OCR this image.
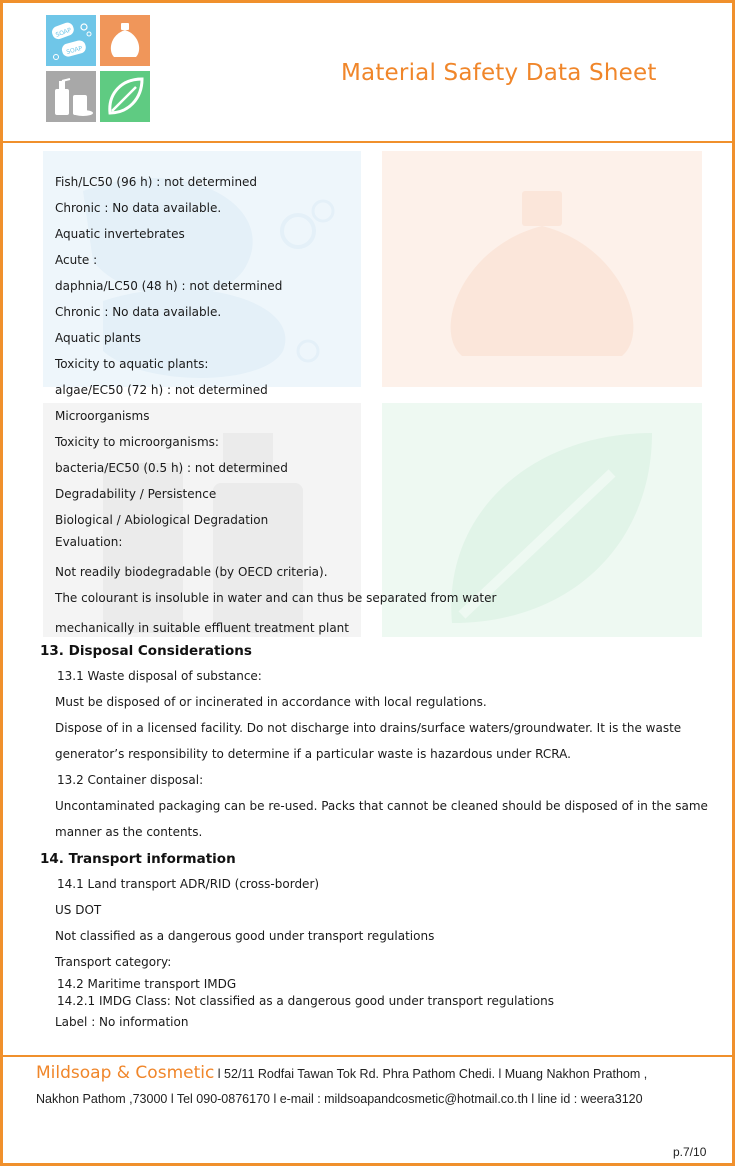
SOAP
SOAP
Material Safety Data Sheet
Fish/LC50 (96 h) : not determined
Chronic : No data available.
Aquatic invertebrates
Acute :
daphnia/LC50 (48 h) : not determined
Chronic : No data available.
Aquatic plants
Toxicity to aquatic plants:
algae/EC50 (72 h) : not determined
Microorganisms
Toxicity to microorganisms:
bacteria/EC50 (0.5 h) : not determined
Degradability / Persistence
Biological / Abiological Degradation
Evaluation:
Not readily biodegradable (by OECD criteria).
The colourant is insoluble in water and can thus be separated from water
mechanically in suitable effluent treatment plant
13. Disposal Considerations
13.1 Waste disposal of substance:
Must be disposed of or incinerated in accordance with local regulations.
Dispose of in a licensed facility. Do not discharge into drains/surface waters/groundwater. It is the waste
generator’s responsibility to determine if a particular waste is hazardous under RCRA.
13.2 Container disposal:
Uncontaminated packaging can be re-used. Packs that cannot be cleaned should be disposed of in the same
manner as the contents.
14. Transport information
14.1 Land transport ADR/RID (cross-border)
US DOT
Not classified as a dangerous good under transport regulations
Transport category:
14.2 Maritime transport IMDG
14.2.1 IMDG Class: Not classified as a dangerous good under transport regulations
Label : No information
Mildsoap & Cosmetic l 52/11 Rodfai Tawan Tok Rd. Phra Pathom Chedi. l Muang Nakhon Prathom ,
Nakhon Pathom ,73000 l Tel 090-0876170 l e-mail : mildsoapandcosmetic@hotmail.co.th l line id : weera3120
p.7/10
